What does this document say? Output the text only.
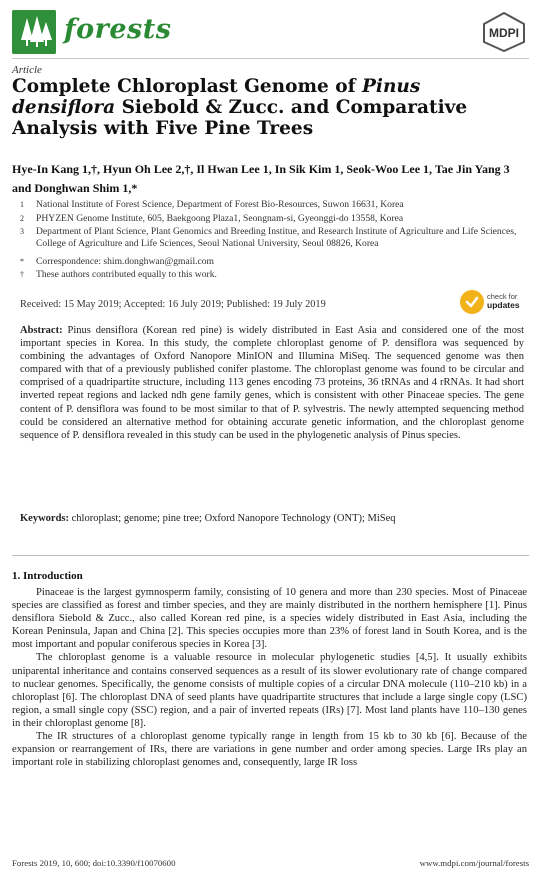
forests	MDPI
Article
Complete Chloroplast Genome of Pinus densiflora Siebold & Zucc. and Comparative Analysis with Five Pine Trees
Hye-In Kang 1,†, Hyun Oh Lee 2,†, Il Hwan Lee 1, In Sik Kim 1, Seok-Woo Lee 1, Tae Jin Yang 3 and Donghwan Shim 1,*
1	National Institute of Forest Science, Department of Forest Bio-Resources, Suwon 16631, Korea
2	PHYZEN Genome Institute, 605, Baekgoong Plaza1, Seongnam-si, Gyeonggi-do 13558, Korea
3	Department of Plant Science, Plant Genomics and Breeding Institue, and Research Institute of Agriculture and Life Sciences, College of Agriculture and Life Sciences, Seoul National University, Seoul 08826, Korea
*	Correspondence: shim.donghwan@gmail.com
†	These authors contributed equally to this work.
Received: 15 May 2019; Accepted: 16 July 2019; Published: 19 July 2019
check for
updates
Abstract: Pinus densiflora (Korean red pine) is widely distributed in East Asia and considered one of the most important species in Korea. In this study, the complete chloroplast genome of P. densiflora was sequenced by combining the advantages of Oxford Nanopore MinION and Illumina MiSeq. The sequenced genome was then compared with that of a previously published conifer plastome. The chloroplast genome was found to be circular and comprised of a quadripartite structure, including 113 genes encoding 73 proteins, 36 tRNAs and 4 rRNAs. It had short inverted repeat regions and lacked ndh gene family genes, which is consistent with other Pinaceae species. The gene content of P. densiflora was found to be most similar to that of P. sylvestris. The newly attempted sequencing method could be considered an alternative method for obtaining accurate genetic information, and the chloroplast genome sequence of P. densiflora revealed in this study can be used in the phylogenetic analysis of Pinus species.
Keywords: chloroplast; genome; pine tree; Oxford Nanopore Technology (ONT); MiSeq
1. Introduction

Pinaceae is the largest gymnosperm family, consisting of 10 genera and more than 230 species. Most of Pinaceae species are classified as forest and timber species, and they are mainly distributed in the northern hemisphere [1]. Pinus densiflora Siebold & Zucc., also called Korean red pine, is a species widely distributed in East Asia, including the Korean Peninsula, Japan and China [2]. This species occupies more than 23% of forest land in South Korea, and is the most important and popular coniferous species in Korea [3].

The chloroplast genome is a valuable resource in molecular phylogenetic studies [4,5]. It usually exhibits uniparental inheritance and contains conserved sequences as a result of its slower evolutionary rate of change compared to nuclear genomes. Specifically, the genome consists of multiple copies of a circular DNA molecule (110–210 kb) in a chloroplast [6]. The chloroplast DNA of seed plants have quadripartite structures that include a large single copy (LSC) region, a small single copy (SSC) region, and a pair of inverted repeats (IRs) [7]. Most land plants have 110–130 genes in their chloroplast genome [8].

The IR structures of a chloroplast genome typically range in length from 15 kb to 30 kb [6]. Because of the expansion or rearrangement of IRs, there are variations in gene number and order among species. Large IRs play an important role in stabilizing chloroplast genomes and, consequently, large IR loss

Forests 2019, 10, 600; doi:10.3390/f10070600	www.mdpi.com/journal/forests
